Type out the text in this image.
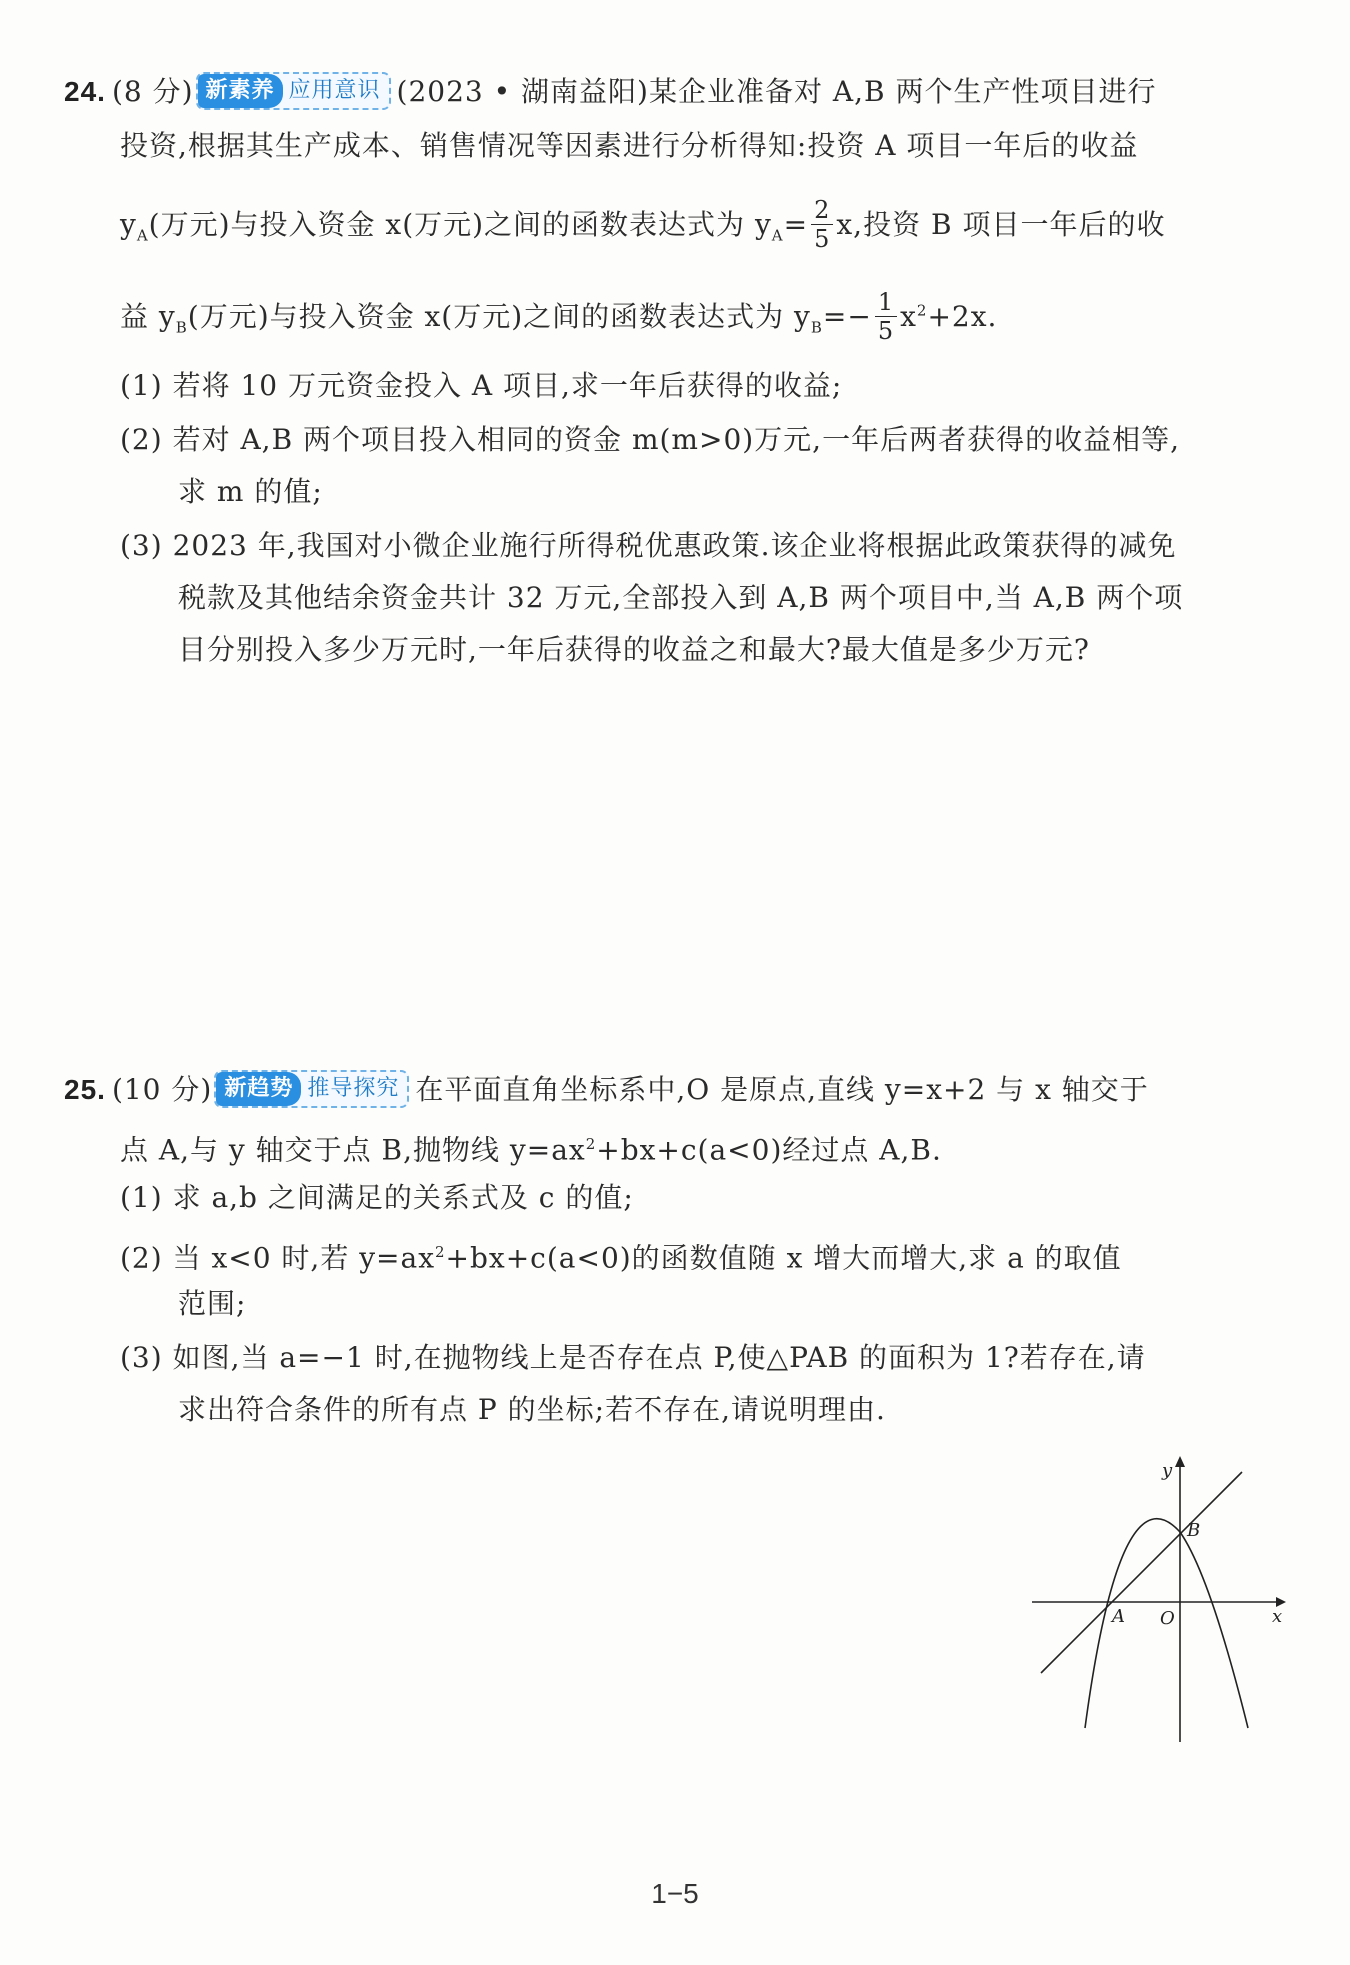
24. (8 分) 新素养 应用意识 (2023 • 湖南益阳)某企业准备对 A,B 两个生产性项目进行
投资,根据其生产成本、销售情况等因素进行分析得知:投资 A 项目一年后的收益
$y_A$(万元)与投入资金 x(万元)之间的函数表达式为 $y_A= \frac{2}{5} x$,投资 B 项目一年后的收
益 $y_B$(万元)与投入资金 x(万元)之间的函数表达式为 $y_B=- \frac{1}{5} x^2+2x$.
(1) 若将 10 万元资金投入 A 项目,求一年后获得的收益;
(2) 若对 A,B 两个项目投入相同的资金 m(m>0)万元,一年后两者获得的收益相等,
求 m 的值;
(3) 2023 年,我国对小微企业施行所得税优惠政策.该企业将根据此政策获得的减免
税款及其他结余资金共计 32 万元,全部投入到 A,B 两个项目中,当 A,B 两个项
目分别投入多少万元时,一年后获得的收益之和最大?最大值是多少万元?
25. (10 分) 新趋势 推导探究 在平面直角坐标系中,O 是原点,直线 y=x+2 与 x 轴交于
点 A,与 y 轴交于点 B,抛物线 $y=ax^2+bx+c(a<0)$经过点 A,B.
(1) 求 a,b 之间满足的关系式及 c 的值;
(2) 当 x<0 时,若 $y=ax^2+bx+c(a<0)$的函数值随 x 增大而增大,求 a 的取值
范围;
(3) 如图,当 a=−1 时,在抛物线上是否存在点 P,使△PAB 的面积为 1?若存在,请
求出符合条件的所有点 P 的坐标;若不存在,请说明理由.
y
x
O
A
B
1−5
